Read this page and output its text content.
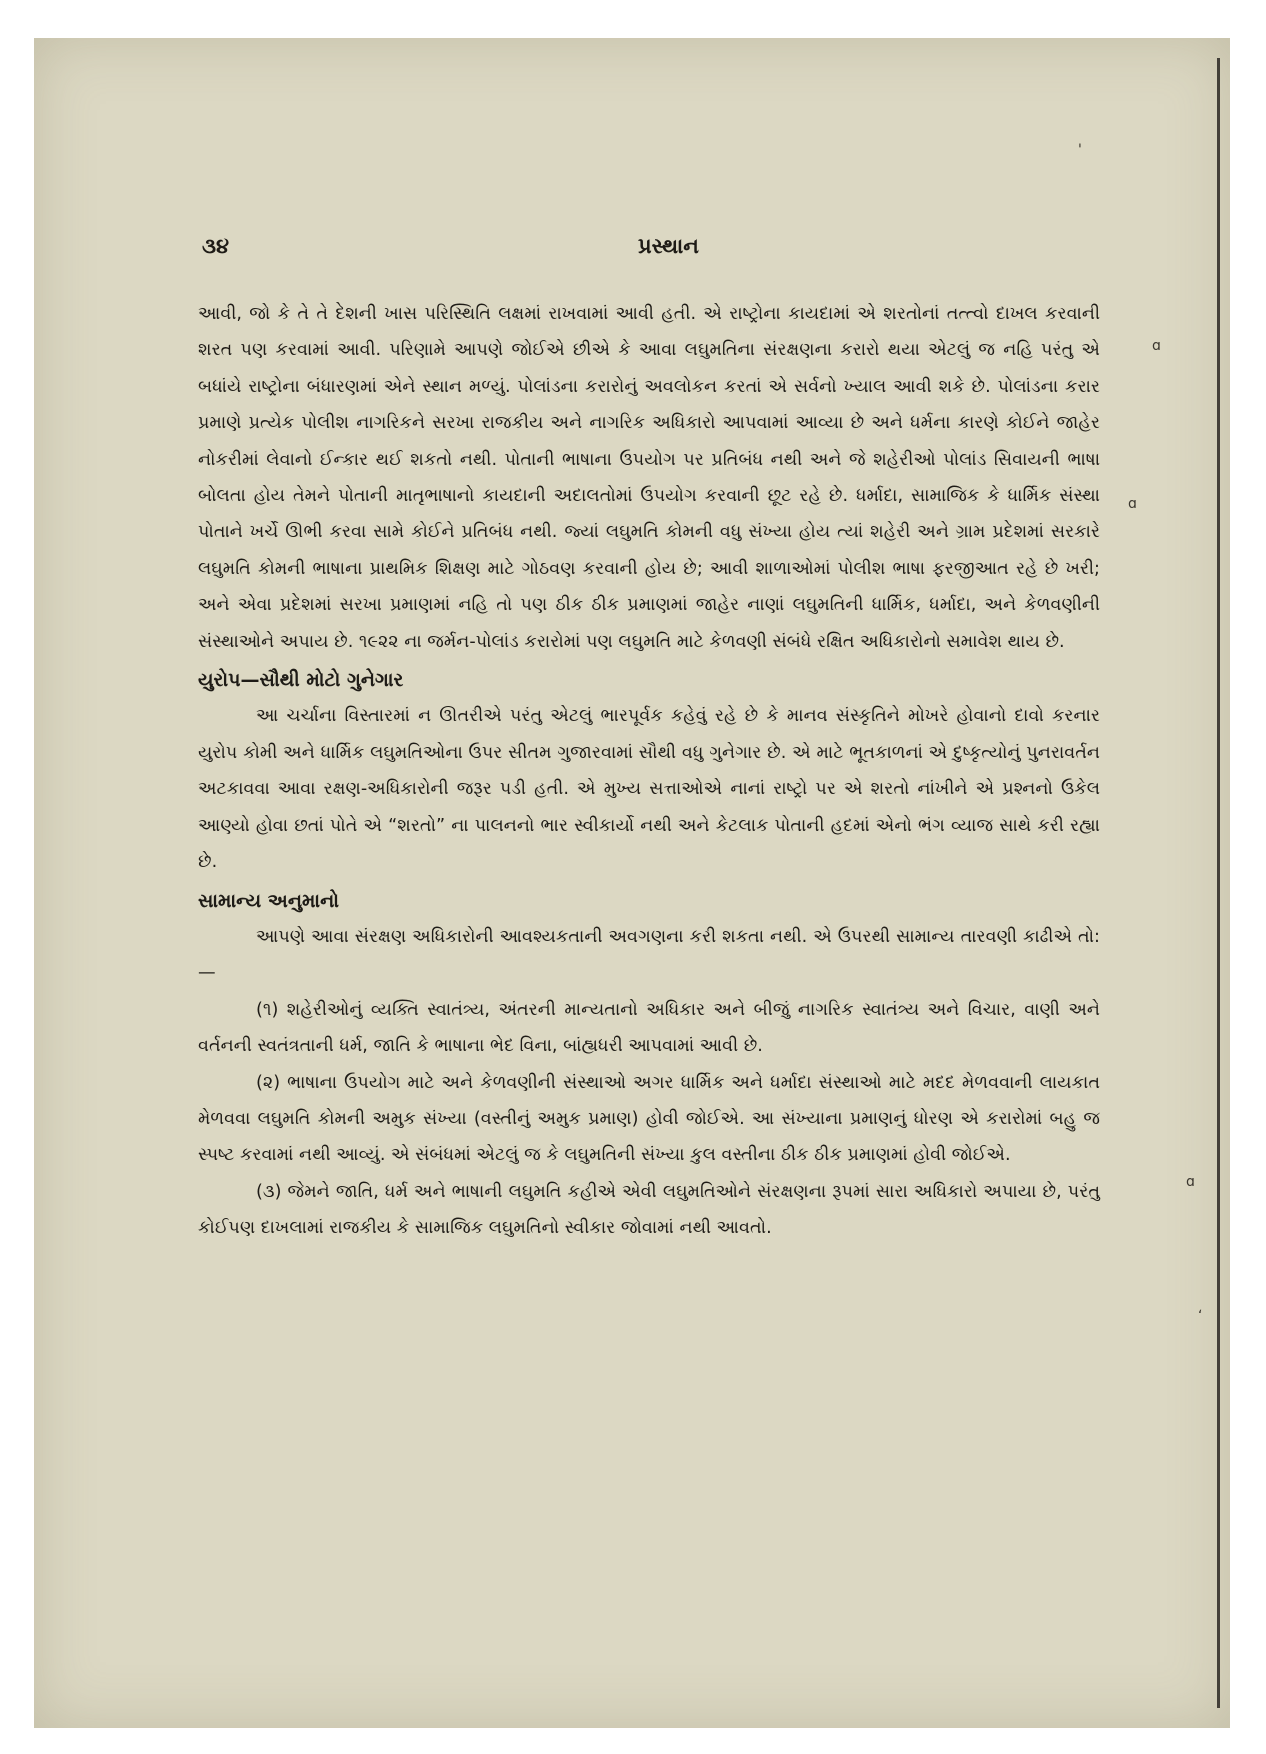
'
ɑ
ɑ
ɑ
ʻ
૩૪	પ્રસ્થાન

આવી, જો કે તે તે દેશની ખાસ પરિસ્થિતિ લક્ષમાં રાખવામાં આવી હતી. એ રાષ્ટ્રોના કાયદામાં એ શરતોનાં તત્ત્વો દાખલ કરવાની શરત પણ કરવામાં આવી. પરિણામે આપણે જોઈએ છીએ કે આવા લઘુમતિના સંરક્ષણના કરારો થયા એટલું જ નહિ પરંતુ એ બધાંયે રાષ્ટ્રોના બંધારણમાં એને સ્થાન મળ્યું. પોલાંડના કરારોનું અવલોકન કરતાં એ સર્વનો ખ્યાલ આવી શકે છે. પોલાંડના કરાર પ્રમાણે પ્રત્યેક પોલીશ નાગરિકને સરખા રાજકીય અને નાગરિક અધિકારો આપવામાં આવ્યા છે અને ધર્મના કારણે કોઈને જાહેર નોકરીમાં લેવાનો ઈન્કાર થઈ શકતો નથી. પોતાની ભાષાના ઉપયોગ પર પ્રતિબંધ નથી અને જે શહેરીઓ પોલાંડ સિવાયની ભાષા બોલતા હોય તેમને પોતાની માતૃભાષાનો કાયદાની અદાલતોમાં ઉપયોગ કરવાની છૂટ રહે છે. ધર્માદા, સામાજિક કે ધાર્મિક સંસ્થા પોતાને ખર્ચે ઊભી કરવા સામે કોઈને પ્રતિબંધ નથી. જ્યાં લઘુમતિ કોમની વધુ સંખ્યા હોય ત્યાં શહેરી અને ગ્રામ પ્રદેશમાં સરકારે લઘુમતિ કોમની ભાષાના પ્રાથમિક શિક્ષણ માટે ગોઠવણ કરવાની હોય છે; આવી શાળાઓમાં પોલીશ ભાષા ફરજીઆત રહે છે ખરી; અને એવા પ્રદેશમાં સરખા પ્રમાણમાં નહિ તો પણ ઠીક ઠીક પ્રમાણમાં જાહેર નાણાં લઘુમતિની ધાર્મિક, ધર્માદા, અને કેળવણીની સંસ્થાઓને અપાય છે. ૧૯૨૨ ના જર્મન-પોલાંડ કરારોમાં પણ લઘુમતિ માટે કેળવણી સંબંધે રક્ષિત અધિકારોનો સમાવેશ થાય છે.

યુરોપ—સૌથી મોટો ગુનેગાર

આ ચર્ચાના વિસ્તારમાં ન ઊતરીએ પરંતુ એટલું ભારપૂર્વક કહેવું રહે છે કે માનવ સંસ્કૃતિને મોખરે હોવાનો દાવો કરનાર યુરોપ કોમી અને ધાર્મિક લઘુમતિઓના ઉપર સીતમ ગુજારવામાં સૌથી વધુ ગુનેગાર છે. એ માટે ભૂતકાળનાં એ દુષ્કૃત્યોનું પુનરાવર્તન અટકાવવા આવા રક્ષણ-અધિકારોની જરૂર પડી હતી. એ મુખ્ય સત્તાઓએ નાનાં રાષ્ટ્રો પર એ શરતો નાંખીને એ પ્રશ્નનો ઉકેલ આણ્યો હોવા છતાં પોતે એ “શરતો” ના પાલનનો ભાર સ્વીકાર્યો નથી અને કેટલાક પોતાની હદમાં એનો ભંગ વ્યાજ સાથે કરી રહ્યા છે.

સામાન્ય અનુમાનો

આપણે આવા સંરક્ષણ અધિકારોની આવશ્યકતાની અવગણના કરી શકતા નથી. એ ઉપરથી સામાન્ય તારવણી કાઢીએ તો:—

(૧) શહેરીઓનું વ્યક્તિ સ્વાતંત્ર્ય, અંતરની માન્યતાનો અધિકાર અને બીજું નાગરિક સ્વાતંત્ર્ય અને વિચાર, વાણી અને વર્તનની સ્વતંત્રતાની ધર્મ, જાતિ કે ભાષાના ભેદ વિના, બાંહ્યધરી આપવામાં આવી છે.

(૨) ભાષાના ઉપયોગ માટે અને કેળવણીની સંસ્થાઓ અગર ધાર્મિક અને ધર્માદા સંસ્થાઓ માટે મદદ મેળવવાની લાયકાત મેળવવા લઘુમતિ કોમની અમુક સંખ્યા (વસ્તીનું અમુક પ્રમાણ) હોવી જોઈએ. આ સંખ્યાના પ્રમાણનું ધોરણ એ કરારોમાં બહુ જ સ્પષ્ટ કરવામાં નથી આવ્યું. એ સંબંધમાં એટલું જ કે લઘુમતિની સંખ્યા કુલ વસ્તીના ઠીક ઠીક પ્રમાણમાં હોવી જોઈએ.

(૩) જેમને જાતિ, ધર્મ અને ભાષાની લઘુમતિ કહીએ એવી લઘુમતિઓને સંરક્ષણના રૂપમાં સારા અધિકારો અપાયા છે, પરંતુ કોઈપણ દાખલામાં રાજકીય કે સામાજિક લઘુમતિનો સ્વીકાર જોવામાં નથી આવતો.
